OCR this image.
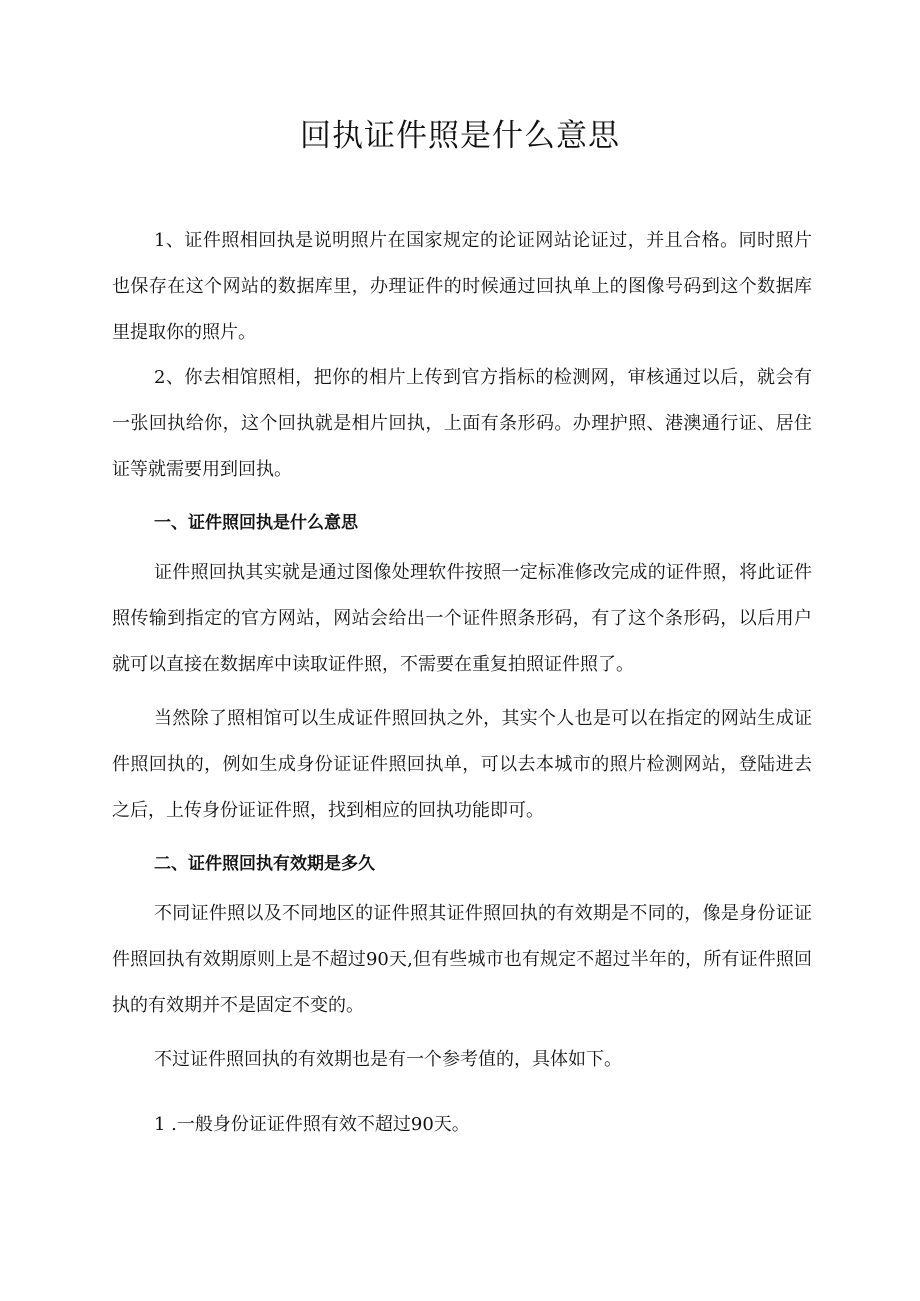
回执证件照是什么意思

1、证件照相回执是说明照片在国家规定的论证网站论证过，并且合格。同时照片也保存在这个网站的数据库里，办理证件的时候通过回执单上的图像号码到这个数据库里提取你的照片。

2、你去相馆照相，把你的相片上传到官方指标的检测网，审核通过以后，就会有一张回执给你，这个回执就是相片回执，上面有条形码。办理护照、港澳通行证、居住证等就需要用到回执。

一、证件照回执是什么意思

证件照回执其实就是通过图像处理软件按照一定标准修改完成的证件照，将此证件照传输到指定的官方网站，网站会给出一个证件照条形码，有了这个条形码，以后用户就可以直接在数据库中读取证件照，不需要在重复拍照证件照了。

当然除了照相馆可以生成证件照回执之外，其实个人也是可以在指定的网站生成证件照回执的，例如生成身份证证件照回执单，可以去本城市的照片检测网站，登陆进去之后，上传身份证证件照，找到相应的回执功能即可。

二、证件照回执有效期是多久

不同证件照以及不同地区的证件照其证件照回执的有效期是不同的，像是身份证证件照回执有效期原则上是不超过90天,但有些城市也有规定不超过半年的，所有证件照回执的有效期并不是固定不变的。

不过证件照回执的有效期也是有一个参考值的，具体如下。

1 .一般身份证证件照有效不超过90天。
